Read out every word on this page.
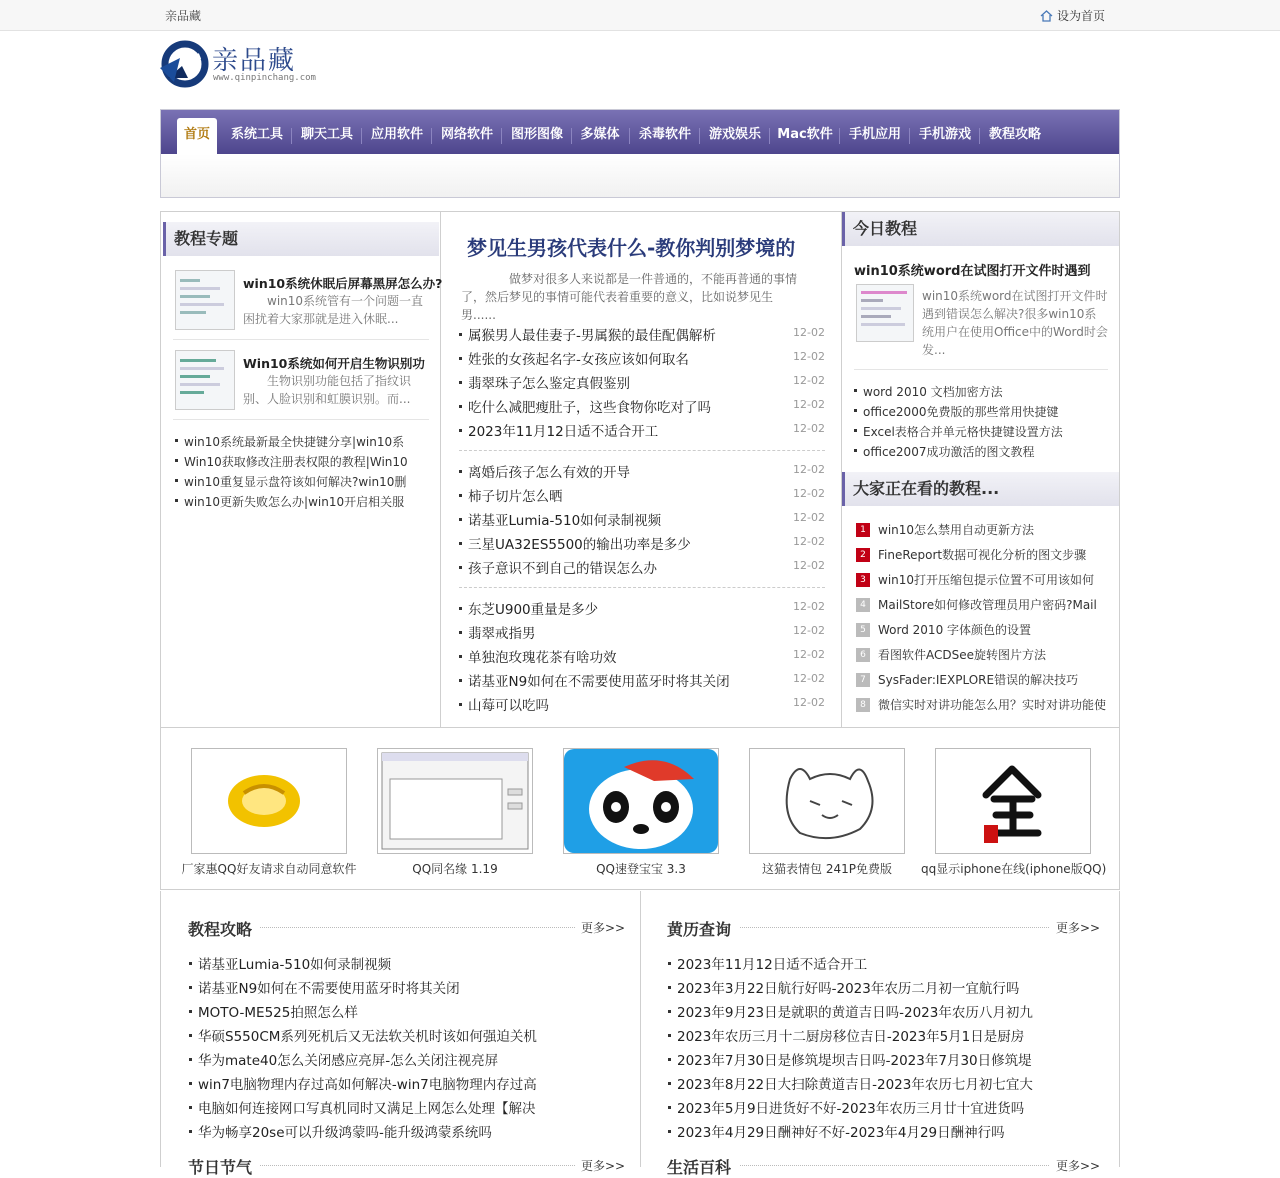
亲品藏	设为首页
亲品藏
www.qinpinchang.com
首页	系统工具	聊天工具	应用软件	网络软件	图形图像	多媒体	杀毒软件	游戏娱乐	Mac软件	手机应用	手机游戏	教程攻略
教程专题
win10系统休眠后屏幕黑屏怎么办?
win10系统管有一个问题一直困扰着大家那就是进入休眠...
Win10系统如何开启生物识别功
生物识别功能包括了指纹识别、人脸识别和虹膜识别。而...
win10系统最新最全快捷键分享|win10系
Win10获取修改注册表权限的教程|Win10
win10重复显示盘符该如何解决?win10删
win10更新失败怎么办|win10开启相关服
梦见生男孩代表什么-教你判别梦境的
做梦对很多人来说都是一件普通的，不能再普通的事情了，然后梦见的事情可能代表着重要的意义，比如说梦见生男......
属猴男人最佳妻子-男属猴的最佳配偶解析	12-02
姓张的女孩起名字-女孩应该如何取名	12-02
翡翠珠子怎么鉴定真假鉴别	12-02
吃什么减肥瘦肚子，这些食物你吃对了吗	12-02
2023年11月12日适不适合开工	12-02
离婚后孩子怎么有效的开导	12-02
柿子切片怎么晒	12-02
诺基亚Lumia-510如何录制视频	12-02
三星UA32ES5500的输出功率是多少	12-02
孩子意识不到自己的错误怎么办	12-02
东芝U900重量是多少	12-02
翡翠戒指男	12-02
单独泡玫瑰花茶有啥功效	12-02
诺基亚N9如何在不需要使用蓝牙时将其关闭	12-02
山莓可以吃吗	12-02
今日教程
win10系统word在试图打开文件时遇到
win10系统word在试图打开文件时遇到错误怎么解决?很多win10系统用户在使用Office中的Word时会发...
word 2010 文档加密方法
office2000免费版的那些常用快捷键
Excel表格合并单元格快捷键设置方法
office2007成功激活的图文教程
大家正在看的教程...
1 win10怎么禁用自动更新方法
2 FineReport数据可视化分析的图文步骤
3 win10打开压缩包提示位置不可用该如何
4 MailStore如何修改管理员用户密码?Mail
5 Word 2010 字体颜色的设置
6 看图软件ACDSee旋转图片方法
7 SysFader:IEXPLORE错误的解决技巧
8 微信实时对讲功能怎么用？实时对讲功能使
厂家惠QQ好友请求自动同意软件	QQ同名缘 1.19	QQ速登宝宝 3.3	这猫表情包 241P免费版	qq显示iphone在线(iphone版QQ)
教程攻略	更多>>
诺基亚Lumia-510如何录制视频
诺基亚N9如何在不需要使用蓝牙时将其关闭
MOTO-ME525拍照怎么样
华硕S550CM系列死机后又无法软关机时该如何强迫关机
华为mate40怎么关闭感应亮屏-怎么关闭注视亮屏
win7电脑物理内存过高如何解决-win7电脑物理内存过高
电脑如何连接网口写真机同时又满足上网怎么处理【解决
华为畅享20se可以升级鸿蒙吗-能升级鸿蒙系统吗
黄历查询	更多>>
2023年11月12日适不适合开工
2023年3月22日航行好吗-2023年农历二月初一宜航行吗
2023年9月23日是就职的黄道吉日吗-2023年农历八月初九
2023年农历三月十二厨房移位吉日-2023年5月1日是厨房
2023年7月30日是修筑堤坝吉日吗-2023年7月30日修筑堤
2023年8月22日大扫除黄道吉日-2023年农历七月初七宜大
2023年5月9日进货好不好-2023年农历三月廿十宜进货吗
2023年4月29日酬神好不好-2023年4月29日酬神行吗
节日节气	更多>>	生活百科	更多>>
